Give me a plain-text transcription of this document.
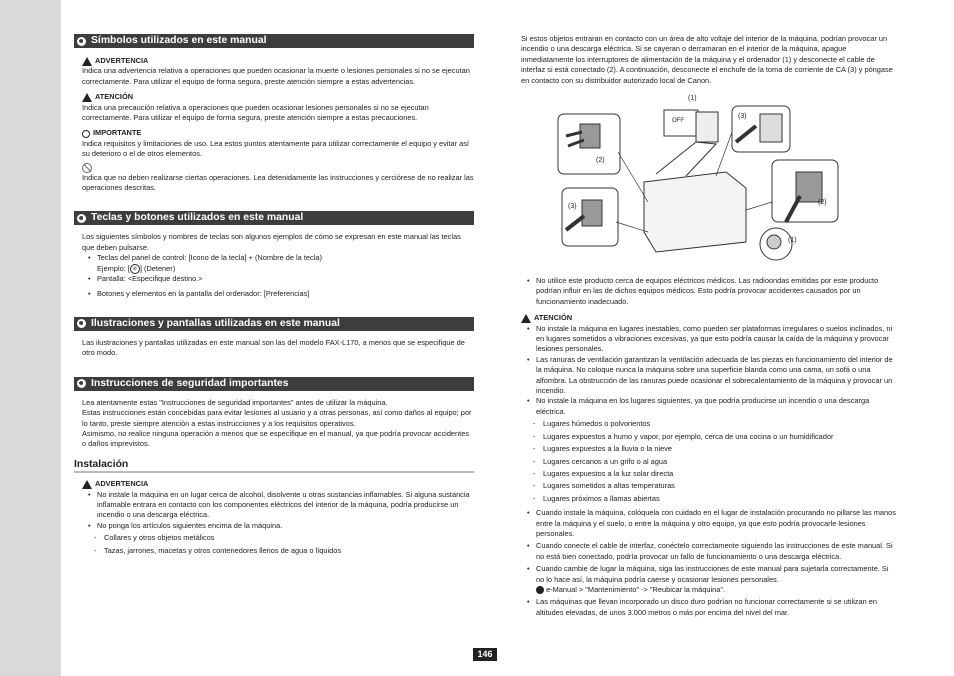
Símbolos utilizados en este manual
ADVERTENCIA

Indica una advertencia relativa a operaciones que pueden ocasionar la muerte o lesiones personales si no se ejecutan correctamente. Para utilizar el equipo de forma segura, preste atención siempre a estas advertencias.

ATENCIÓN

Indica una precaución relativa a operaciones que pueden ocasionar lesiones personales si no se ejecutan correctamente. Para utilizar el equipo de forma segura, preste atención siempre a estas precauciones.

IMPORTANTE

Indica requisitos y limitaciones de uso. Lea estos puntos atentamente para utilizar correctamente el equipo y evitar así su deterioro o el de otros elementos.

Indica que no deben realizarse ciertas operaciones. Lea detenidamente las instrucciones y cerciórese de no realizar las operaciones descritas.

Teclas y botones utilizados en este manual

Los siguientes símbolos y nombres de teclas son algunos ejemplos de cómo se expresan en este manual las teclas que deben pulsarse.

• Teclas del panel de control: [Icono de la tecla] + (Nombre de la tecla)
Ejemplo: [ ⊘ ] (Detener)
• Pantalla: <Especifique destino.>
• Botones y elementos en la pantalla del ordenador: [Preferencias]
Ilustraciones y pantallas utilizadas en este manual

Las ilustraciones y pantallas utilizadas en este manual son las del modelo FAX-L170, a menos que se especifique de otro modo.

Instrucciones de seguridad importantes

Lea atentamente estas "Instrucciones de seguridad importantes" antes de utilizar la máquina.

Estas instrucciones están concebidas para evitar lesiones al usuario y a otras personas, así como daños al equipo; por lo tanto, preste siempre atención a estas instrucciones y a los requisitos operativos.

Asimismo, no realice ninguna operación a menos que se especifique en el manual, ya que podría provocar accidentes o daños imprevistos.

Instalación
ADVERTENCIA
• No instale la máquina en un lugar cerca de alcohol, disolvente u otras sustancias inflamables. Si alguna sustancia inflamable entrara en contacto con los componentes eléctricos del interior de la máquina, podría producirse un incendio o una descarga eléctrica.
• No ponga los artículos siguientes encima de la máquina.
- Collares y otros objetos metálicos
- Tazas, jarrones, macetas y otros contenedores llenos de agua o líquidos

Si estos objetos entraran en contacto con un área de alto voltaje del interior de la máquina, podrían provocar un incendio o una descarga eléctrica. Si se cayeran o derramaran en el interior de la máquina, apague inmediatamente los interruptores de alimentación de la máquina y el ordenador (1) y desconecte el cable de interfaz si está conectado (2). A continuación, desconecte el enchufe de la toma de corriente de CA (3) y póngase en contacto con su distribuidor autorizado local de Canon.

(1)
OFF
(3)
(2)
(3)
(2)
(1)
• No utilice este producto cerca de equipos eléctricos médicos. Las radioondas emitidas por este producto podrían influir en las de dichos equipos médicos. Esto podría provocar accidentes causados por un funcionamiento inadecuado.
ATENCIÓN
• No instale la máquina en lugares inestables, como pueden ser plataformas irregulares o suelos inclinados, ni en lugares sometidos a vibraciones excesivas, ya que esto podría causar la caída de la máquina y provocar lesiones personales.
• Las ranuras de ventilación garantizan la ventilación adecuada de las piezas en funcionamiento del interior de la máquina. No coloque nunca la máquina sobre una superficie blanda como una cama, un sofá o una alfombra. La obstrucción de las ranuras puede ocasionar el sobrecalentamiento de la máquina y provocar un incendio.
• No instale la máquina en los lugares siguientes, ya que podría producirse un incendio o una descarga eléctrica.
- Lugares húmedos o polvorientos
- Lugares expuestos a humo y vapor, por ejemplo, cerca de una cocina o un humidificador
- Lugares expuestos a la lluvia o la nieve
- Lugares cercanos a un grifo o al agua
- Lugares expuestos a la luz solar directa
- Lugares sometidos a altas temperaturas
- Lugares próximos a llamas abiertas
• Cuando instale la máquina, colóquela con cuidado en el lugar de instalación procurando no pillarse las manos entre la máquina y el suelo, o entre la máquina y otro equipo, ya que esto podría provocarle lesiones personales.
• Cuando conecte el cable de interfaz, conéctelo correctamente siguiendo las instrucciones de este manual. Si no está bien conectado, podría provocar un fallo de funcionamiento o una descarga eléctrica.
• Cuando cambie de lugar la máquina, siga las instrucciones de este manual para sujetarla correctamente. Si no lo hace así, la máquina podría caerse y ocasionar lesiones personales.
e-Manual > "Mantenimiento" -> "Reubicar la máquina".
• Las máquinas que llevan incorporado un disco duro podrían no funcionar correctamente si se utilizan en altitudes elevadas, de unos 3.000 metros o más por encima del nivel del mar.
146
